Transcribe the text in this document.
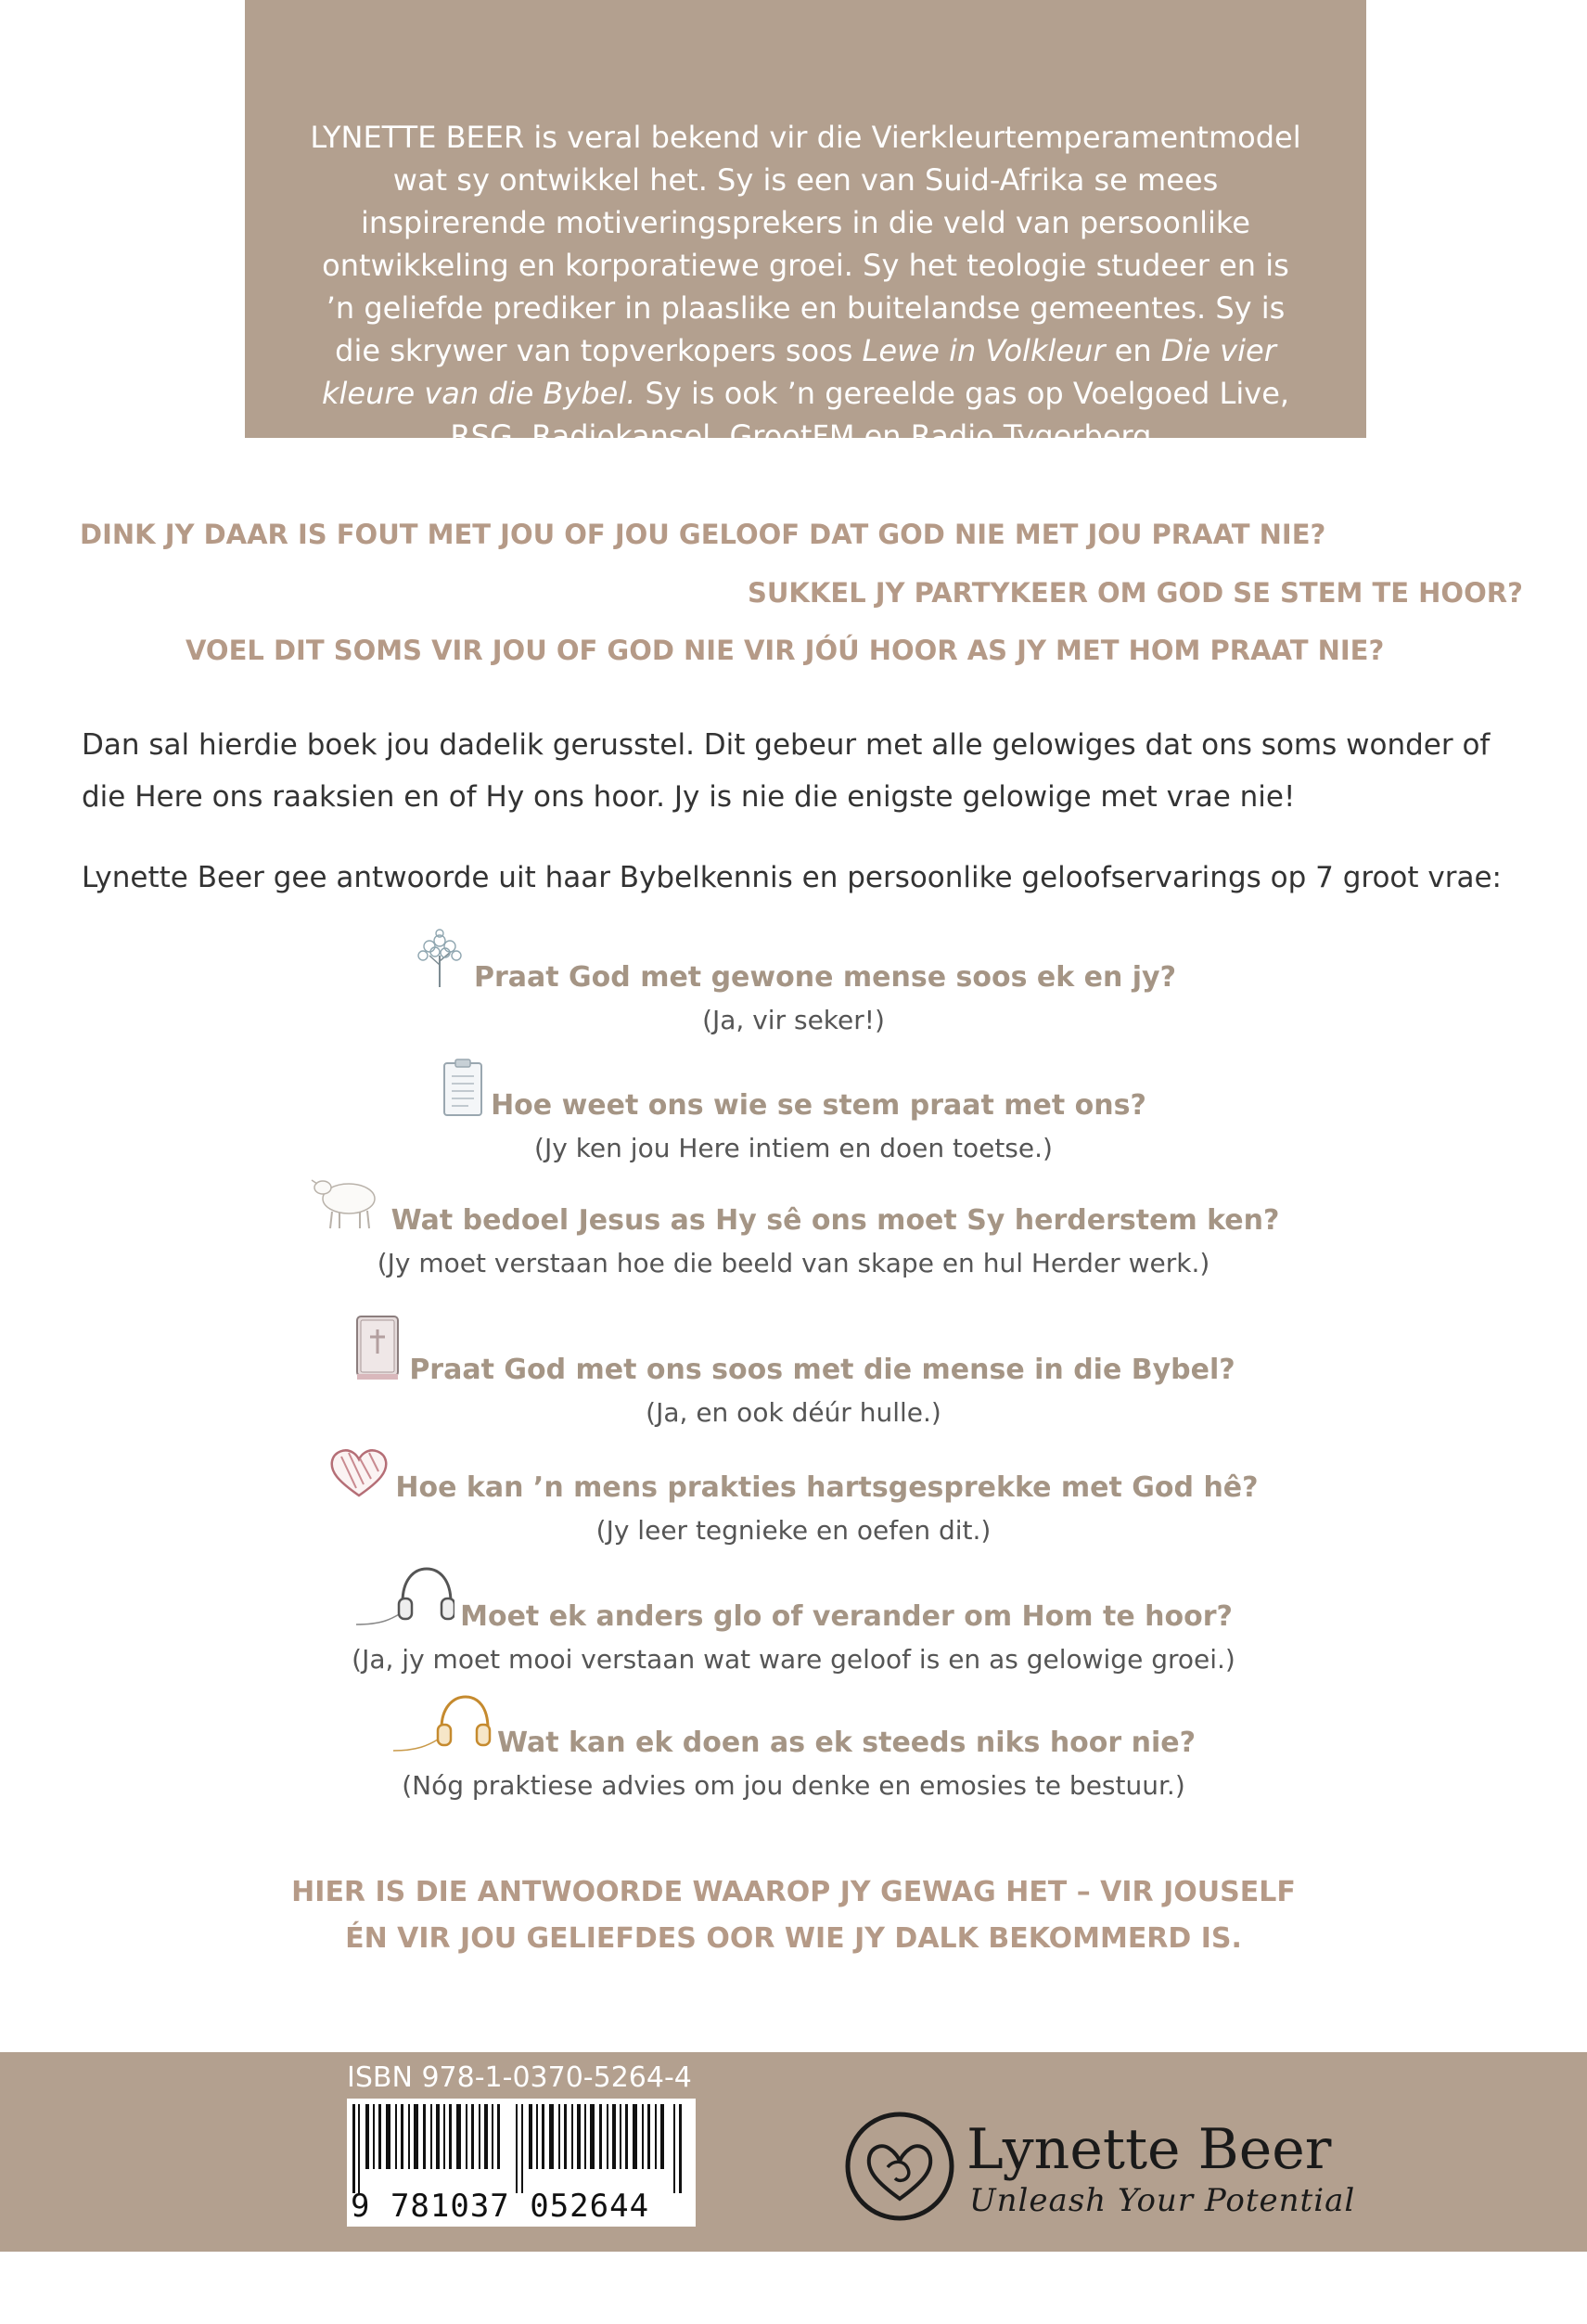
LYNETTE BEER is veral bekend vir die Vierkleurtemperamentmodel wat sy ontwikkel het. Sy is een van Suid-Afrika se mees inspirerende motiveringsprekers in die veld van persoonlike ontwikkeling en korporatiewe groei. Sy het teologie studeer en is ’n geliefde prediker in plaaslike en buitelandse gemeentes. Sy is die skrywer van topverkopers soos Lewe in Volkleur en Die vier kleure van die Bybel. Sy is ook ’n gereelde gas op Voelgoed Live, RSG, Radiokansel, GrootFM en Radio Tygerberg.

DINK JY DAAR IS FOUT MET JOU OF JOU GELOOF DAT GOD NIE MET JOU PRAAT NIE?

SUKKEL JY PARTYKEER OM GOD SE STEM TE HOOR?

VOEL DIT SOMS VIR JOU OF GOD NIE VIR JÓÚ HOOR AS JY MET HOM PRAAT NIE?

Dan sal hierdie boek jou dadelik gerusstel. Dit gebeur met alle gelowiges dat ons soms wonder of die Here ons raaksien en of Hy ons hoor. Jy is nie die enigste gelowige met vrae nie!

Lynette Beer gee antwoorde uit haar Bybelkennis en persoonlike geloofservarings op 7 groot vrae:

Praat God met gewone mense soos ek en jy?
(Ja, vir seker!)
Hoe weet ons wie se stem praat met ons?
(Jy ken jou Here intiem en doen toetse.)
Wat bedoel Jesus as Hy sê ons moet Sy herderstem ken?
(Jy moet verstaan hoe die beeld van skape en hul Herder werk.)
Praat God met ons soos met die mense in die Bybel?
(Ja, en ook déúr hulle.)
Hoe kan ’n mens prakties hartsgesprekke met God hê?
(Jy leer tegnieke en oefen dit.)
Moet ek anders glo of verander om Hom te hoor?
(Ja, jy moet mooi verstaan wat ware geloof is en as gelowige groei.)
Wat kan ek doen as ek steeds niks hoor nie?
(Nóg praktiese advies om jou denke en emosies te bestuur.)

HIER IS DIE ANTWOORDE WAAROP JY GEWAG HET – VIR JOUSELF

ÉN VIR JOU GELIEFDES OOR WIE JY DALK BEKOMMERD IS.

ISBN 978-1-0370-5264-4

9 781037 052644

Lynette Beer

Unleash Your Potential
